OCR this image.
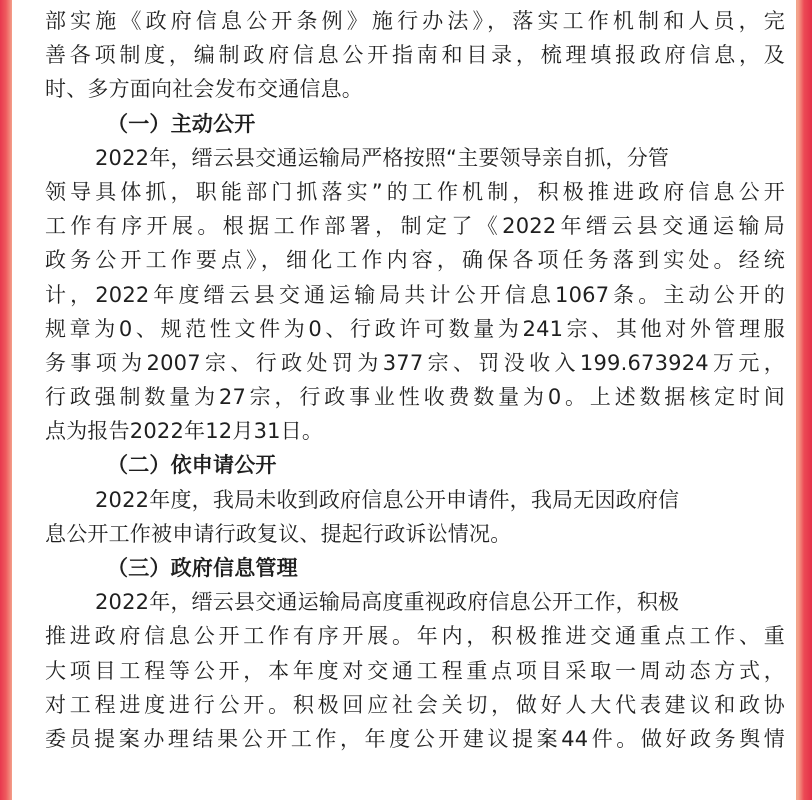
部实施《政府信息公开条例》施行办法》，落实工作机制和人员，完
善各项制度，编制政府信息公开指南和目录，梳理填报政府信息，及
时、多方面向社会发布交通信息。
（一）主动公开
2022年，缙云县交通运输局严格按照“主要领导亲自抓，分管
领导具体抓，职能部门抓落实”的工作机制，积极推进政府信息公开
工作有序开展。根据工作部署，制定了《2022年缙云县交通运输局
政务公开工作要点》，细化工作内容，确保各项任务落到实处。经统
计，2022年度缙云县交通运输局共计公开信息1067条。主动公开的
规章为0、规范性文件为0、行政许可数量为241宗、其他对外管理服
务事项为2007宗、行政处罚为377宗、罚没收入199.673924万元，
行政强制数量为27宗，行政事业性收费数量为0。上述数据核定时间
点为报告2022年12月31日。
（二）依申请公开
2022年度，我局未收到政府信息公开申请件，我局无因政府信
息公开工作被申请行政复议、提起行政诉讼情况。
（三）政府信息管理
2022年，缙云县交通运输局高度重视政府信息公开工作，积极
推进政府信息公开工作有序开展。年内，积极推进交通重点工作、重
大项目工程等公开，本年度对交通工程重点项目采取一周动态方式，
对工程进度进行公开。积极回应社会关切，做好人大代表建议和政协
委员提案办理结果公开工作，年度公开建议提案44件。做好政务舆情
